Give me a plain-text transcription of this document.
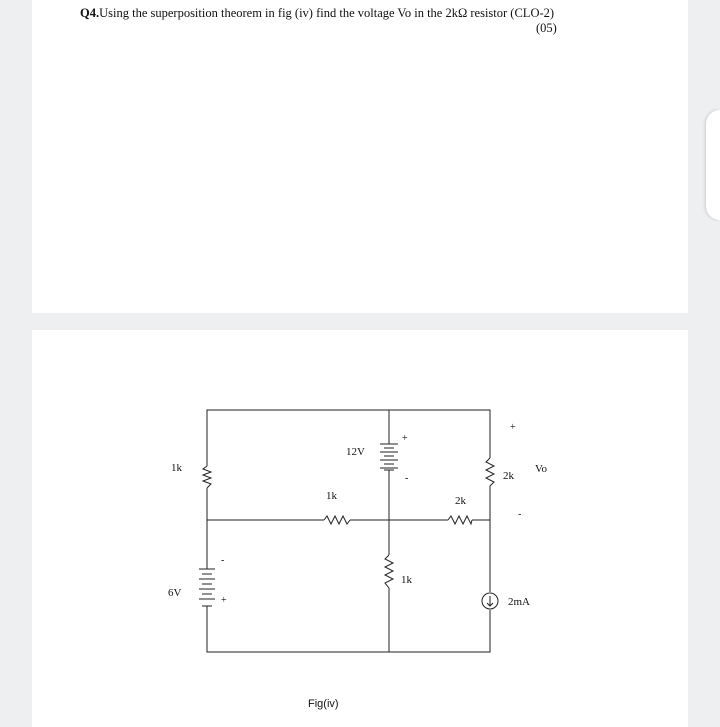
Q4.Using the superposition theorem in fig (iv) find the voltage Vo in the 2kΩ resistor (CLO-2)

(05)
1k
1k	2k
2k
1k
12V
6V
2mA
Vo
+
-
+
-
+
-
Fig(iv)
